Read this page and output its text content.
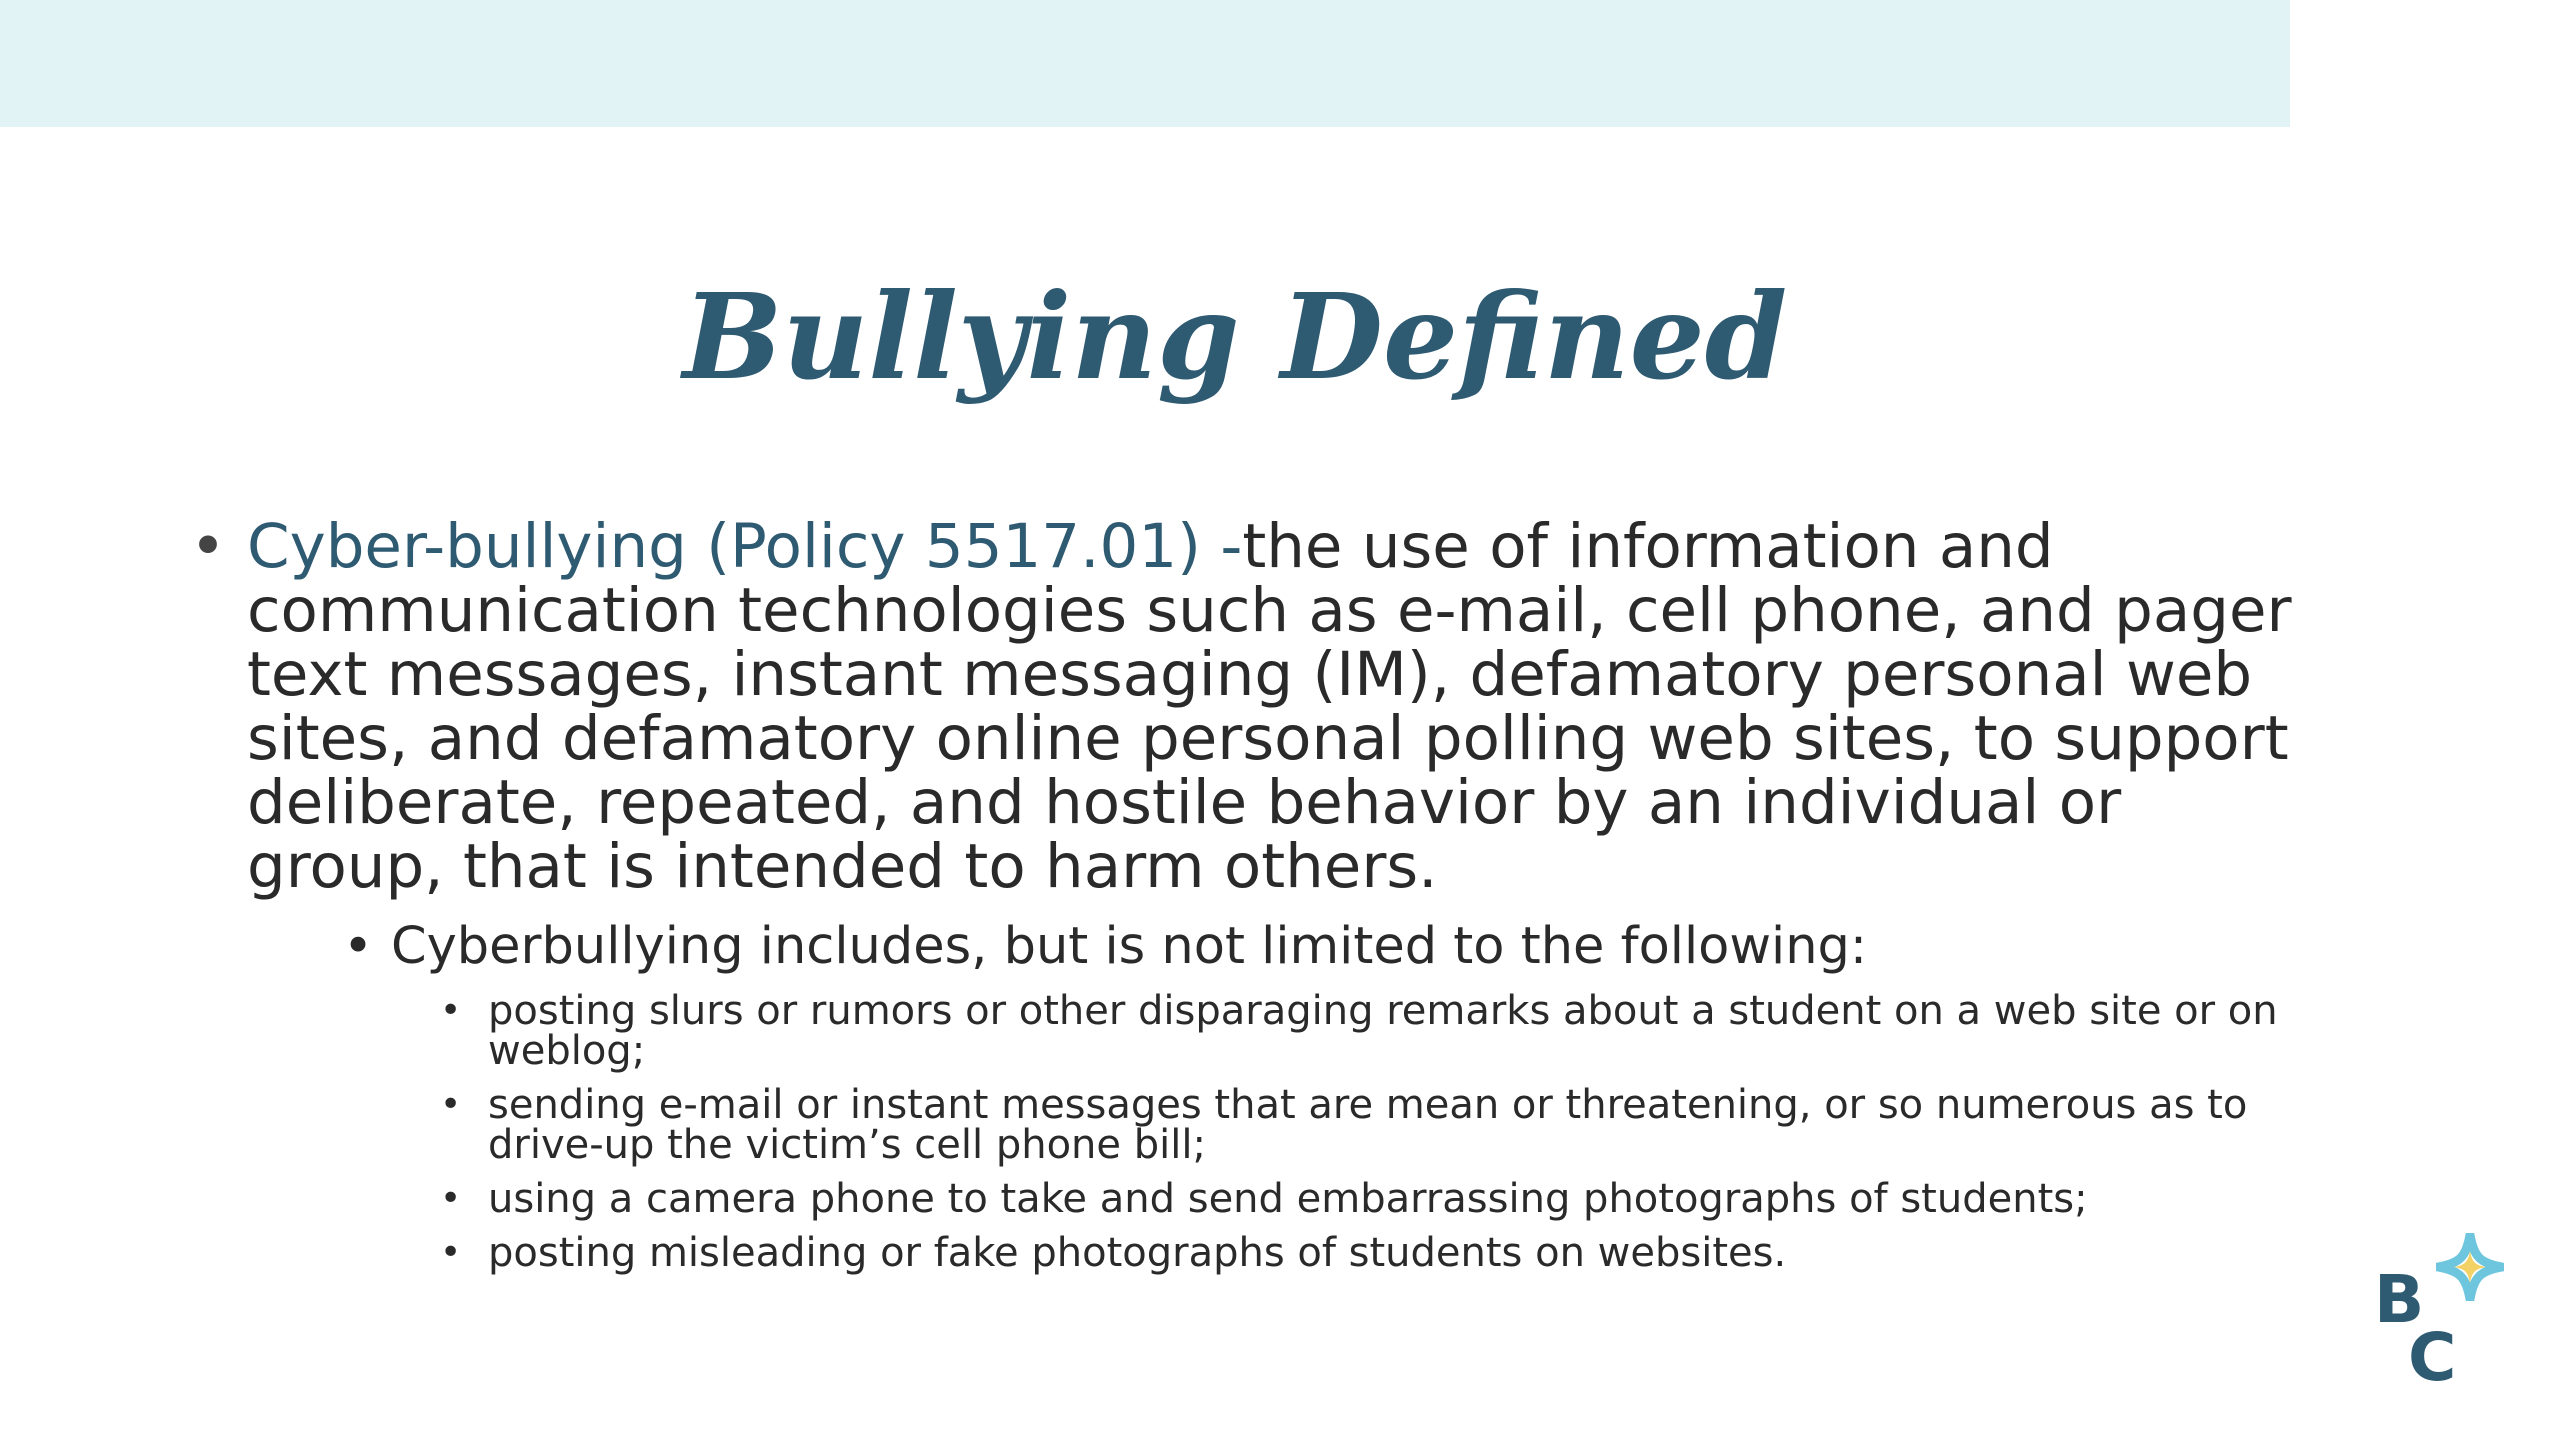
Bullying Defined

• Cyber-bullying (Policy 5517.01) -the use of information and communication technologies such as e-mail, cell phone, and pager text messages, instant messaging (IM), defamatory personal web sites, and defamatory online personal polling web sites, to support deliberate, repeated, and hostile behavior by an individual or group, that is intended to harm others.

• Cyberbullying includes, but is not limited to the following:
• posting slurs or rumors or other disparaging remarks about a student on a web site or on weblog;
• sending e-mail or instant messages that are mean or threatening, or so numerous as to drive-up the victim’s cell phone bill;
• using a camera phone to take and send embarrassing photographs of students;
• posting misleading or fake photographs of students on websites.
B
C
